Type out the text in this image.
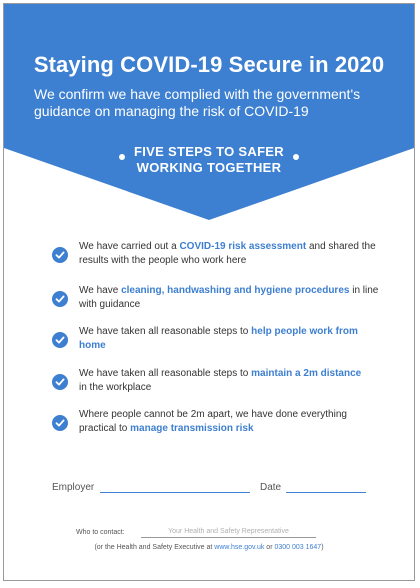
Staying COVID-19 Secure in 2020
We confirm we have complied with the government's guidance on managing the risk of COVID-19
FIVE STEPS TO SAFER
WORKING TOGETHER
We have carried out a COVID-19 risk assessment and shared the results with the people who work here
We have cleaning, handwashing and hygiene procedures in line with guidance
We have taken all reasonable steps to help people work from home
We have taken all reasonable steps to maintain a 2m distance in the workplace
Where people cannot be 2m apart, we have done everything practical to manage transmission risk
Employer	Date
Who to contact:	Your Health and Safety Representative
(or the Health and Safety Executive at www.hse.gov.uk or 0300 003 1647)
